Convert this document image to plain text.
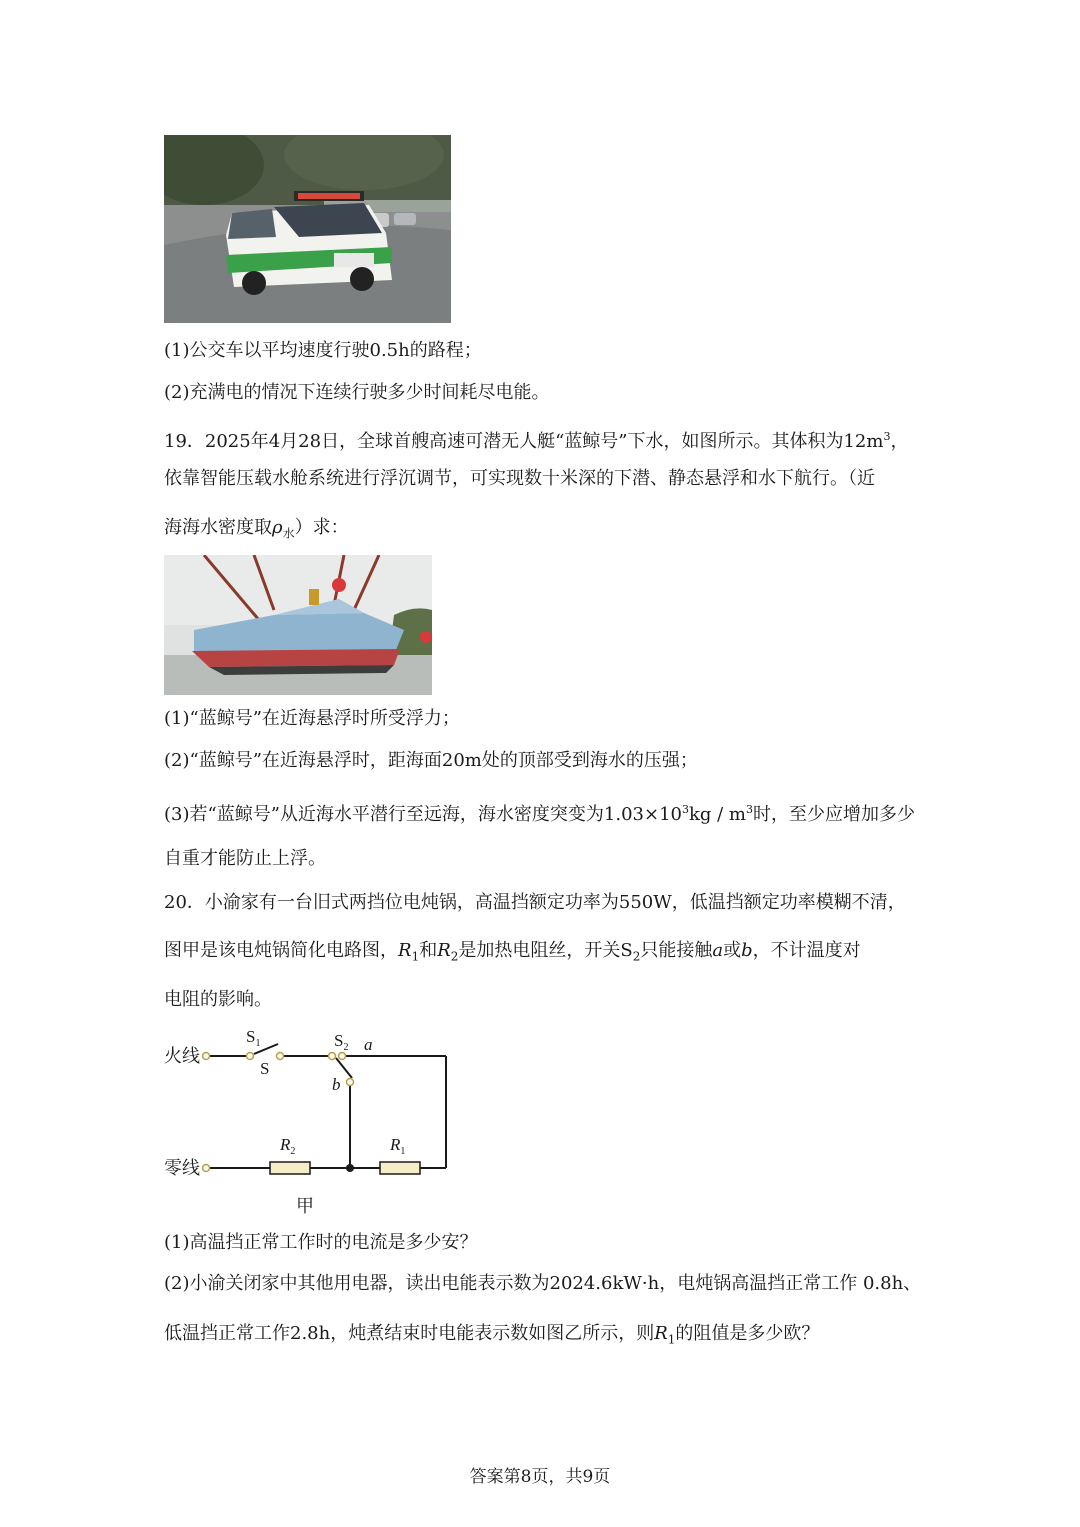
(1)公交车以平均速度行驶0.5h的路程；
(2)充满电的情况下连续行驶多少时间耗尽电能。
19．2025年4月28日，全球首艘高速可潜无人艇“蓝鲸号”下水，如图所示。其体积为$12m^3$，
依靠智能压载水舱系统进行浮沉调节，可实现数十米深的下潜、静态悬浮和水下航行。（近
海海水密度取$\rho_水$）求：
(1)“蓝鲸号”在近海悬浮时所受浮力；
(2)“蓝鲸号”在近海悬浮时，距海面20m处的顶部受到海水的压强；
(3)若“蓝鲸号”从近海水平潜行至远海，海水密度突变为$1.03\times 10^3kg / m^3$时，至少应增加多少
自重才能防止上浮。
20．小渝家有一台旧式两挡位电炖锅，高温挡额定功率为550W，低温挡额定功率模糊不清，
图甲是该电炖锅简化电路图，$R_1$和$R_2$是加热电阻丝，开关$S_2$只能接触a或b，不计温度对
电阻的影响。
火线
零线
$S_1$
S
$S_2$ a
b
$R_2$	$R_1$
甲
(1)高温挡正常工作时的电流是多少安？
(2)小渝关闭家中其他用电器，读出电能表示数为2024.6kW·h，电炖锅高温挡正常工作 0.8h、
低温挡正常工作2.8h，炖煮结束时电能表示数如图乙所示，则$R_1$的阻值是多少欧？
答案第8页，共9页
